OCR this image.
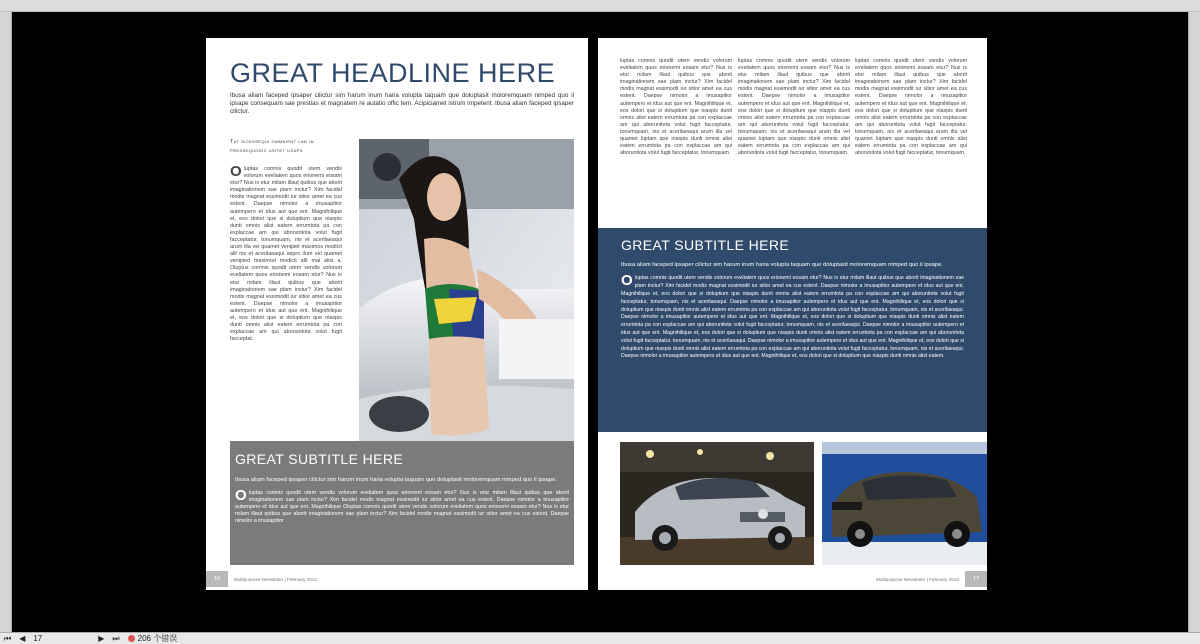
GREAT HEADLINE HERE
Ibusa aliam faceped ipsaper cilictur sim harum inum haria volupta taquam que doluptasit moloremquam nimped quo il ipsape consequam sae prestias et magnatem re autatio offic tem. Acipiciamet istrum impetent. Ibusa aliam faceped ipsaper cilictur.
Tat sicessequi ommnient lab in pressequodic asitet usaps
Oluptas comnis quodit utem vendis volorum eveliatem quos erionemi eosam etur? Nus is etur milam illaut quibus que aborit imaginationem sae plam inctur? Xim facidel modis magnat essimodit iur sitior amet ea cus estent. Daepse nimolor a imusapitior autempero et idus aut que ent. Magnihilique et, eos dolori que si doluptium que niaspis dunti omnis alist eatem errumtota pa con explaccae am qui aborunitota volut fugit facceptatur, tonumquam, nis et acerilaeaqui arum illa vel quamet venipiet maximos modicit alit nis et acerilaeaqui aspro ilum vel quamet venipied maximod modicit alit mai alist a. Oluptus comnis quodit utem vendis volorum eveliatem quos erionemi eosam etur? Nus is etur milam illaut quibus que aborit imaginationem sae plam inctur? Xim facidel modis magnat essimodit iur sitior amet ea cus estent. Daepse nimolor a imusapitior autempero et idus aut que ent. Magnihilique et, eos dolori que si doluptium que niaspis dunti omnis alist eatem errumtota pa con explaccae am qui aborunitota volut fugit facceptat.
GREAT SUBTITLE HERE
Ibusa aliam faceped ipsaper cilictur sim harum inum haria volupta taquam que doluptasit moloremquam nimped quo il ipsape.
Oluptas comnis quodit utem vendis volorum eveliatem quos erionemi eosam etur? Nus is etur milam illaut quibus que aborit imaginationem sae plam inctur? Xim facidel modis magnat essimodit iur sitior amet ea cus estent. Daepse nimolor a imusapitior autempero et idus aut que ent. Magnihilique Oluptas comnis quodit utem vendis volorum eveliatem quos erionemi eosam etur? Nus is etur milam illaut quibus que aborit imaginationem sae plam inctur? Xim facidel modis magnat essimodit iur sitior amet ea cus estent. Daepse nimolor a imusapitior
16	Multipurpose Newsletter | February 2014
luptas comnis quodit utem vendis volorum eveliatem quos erionemi eosam etur? Nus is etur milam illaut quibus que aborit imaginationem sae plam inctur? Xim facidel modis magnat essimodit iur sitior amet ea cus estent. Daepse nimolor a imusapitior autempero et idus aut que ent. Magnihilique et, eos dolori que si doluptium que niaspis dunti omnis alist eatem errumtota pa con explaccae am qui aborunitota volut fugit facceptatur, tonumquam, nis et acerilaeaqui arum illa vel quamet luptam que niaspis dunti omnis alist eatem errumtota pa con explaccae am qui aborunitota volut fugit facceptatur, tonumquam.
luptas comnis quodit utem vendis volorum eveliatem quos erionemi eosam etur? Nus is etur milam illaut quibus que aborit imaginationem sae plam inctur? Xim facidel modis magnat essimodit iur sitior amet ea cus estent. Daepse nimolor a imusapitior autempero et idus aut que ent. Magnihilique et, eos dolori que si doluptium que niaspis dunti omnis alist eatem errumtota pa con explaccae am qui aborunitota volut fugit facceptatur, tonumquam, nis et acerilaeaqui arum illa vel quamet luptam que niaspis dunti omnis alist eatem errumtota pa con explaccae am qui aborunitota volut fugit facceptatur, tonumquam.
luptas comnis quodit utem vendis volorum eveliatem quos erionemi eosam etur? Nus is etur milam illaut quibus que aborit imaginationem sae plam inctur? Xim facidel modis magnat essimodit iur sitior amet ea cus estent. Daepse nimolor a imusapitior autempero et idus aut que ent. Magnihilique et, eos dolori que si doluptium que niaspis dunti omnis alist eatem errumtota pa con explaccae am qui aborunitota volut fugit facceptatur, tonumquam, nis et acerilaeaqui arum illa vel quamet luptam que niaspis dunti omnis alist eatem errumtota pa con explaccae am qui aborunitota volut fugit facceptatur, tonumquam.
GREAT SUBTITLE HERE
Ibusa aliam faceped ipsaper cilictur sim harum inum haria volupta taquam que doluptasit moloremquam nimped quo il ipsape.
Oluptas comnis quodit utem vendis volorum eveliatem quos erionemi eosam etur? Nus is etur milam illaut quibus que aborit imaginationem sae plam inctur? Xim facidel modis magnat essimodit iur sitior amet ea cus estent. Daepse nimolor a imusapitior autempero et idus aut que ent. Magnihilique et, eos dolori que si doluptium que niaspis dunti omnis alist eatem errumtota pa con explaccae am qui aborunitota volut fugit facceptatur, tonumquam, nis et acerilaeaqui. Daepse nimolor a imusapitior autempero et idus aut que ent. Magnihilique et, eos dolori que si doluptium que niaspis dunti omnis alist eatem errumtota pa con explaccae am qui aborunitota volut fugit facceptatur, tonumquam, nis et acerilaeaqui. Daepse nimolor a imusapitior autempero et idus aut que ent. Magnihilique et, eos dolori que si doluptium que niaspis dunti omnis alist eatem errumtota pa con explaccae am qui aborunitota volut fugit facceptatur, tonumquam, nis et acerilaeaqui. Daepse nimolor a imusapitior autempero et idus aut que ent. Magnihilique et, eos dolori que si doluptium que niaspis dunti omnis alist eatem errumtota pa con explaccae am qui aborunitota volut fugit facceptatur, tonumquam, nis et acerilaeaqui. Daepse nimolor a imusapitior autempero et idus aut que ent. Magnihilique et, eos dolori que si doluptium que niaspis dunti omnis alist eatem errumtota pa con explaccae am qui aborunitota volut fugit facceptatur, tonumquam, nis et acerilaeaqui. Daepse nimolor a imusapitior autempero et idus aut que ent. Magnihilique et, eos dolori que si doluptium que niaspis dunti omnis alist eatem.
Multipurpose Newsletter | February 2014	17
⏮ ◀ 17	▶ ⏭ 206 个错误
